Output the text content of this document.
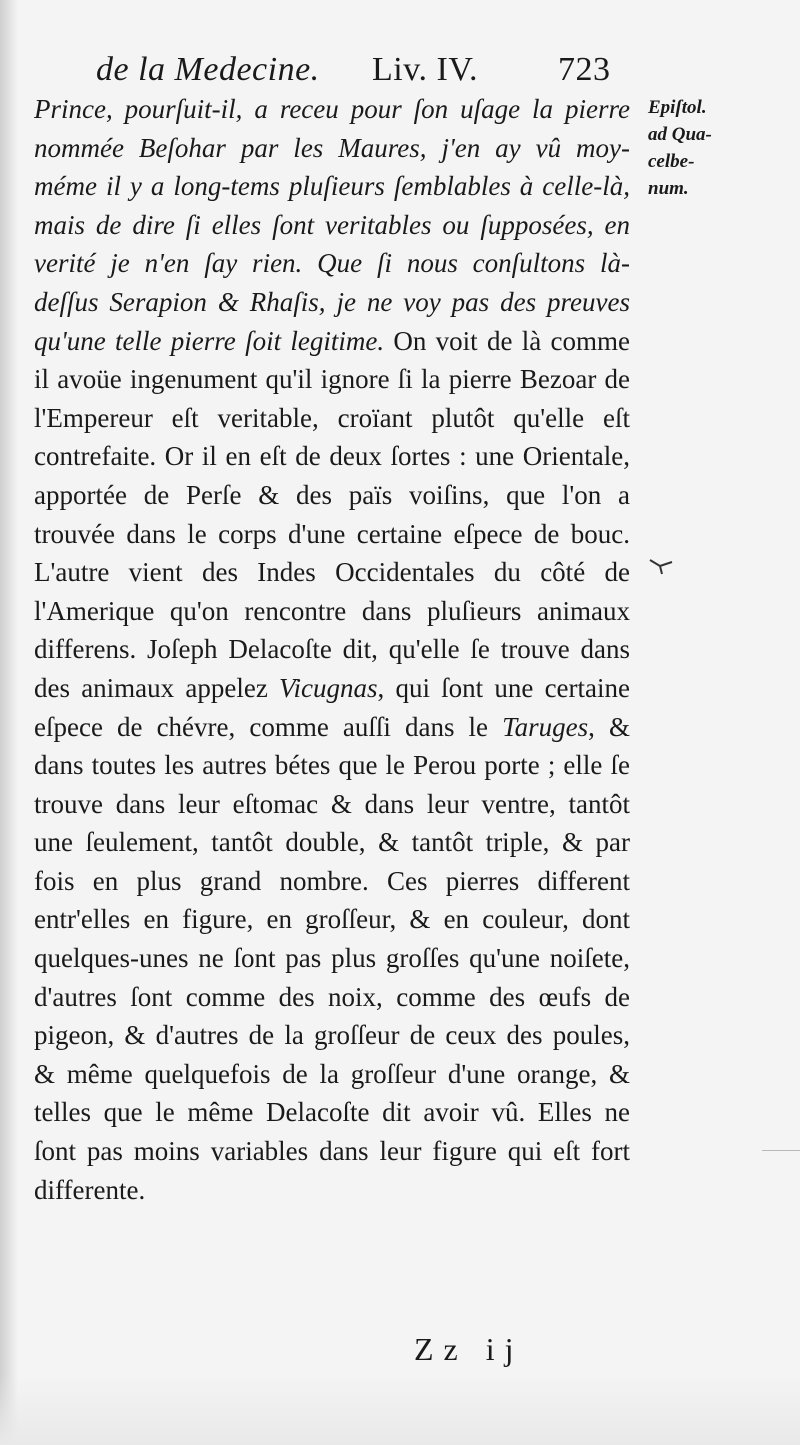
de la Medecine. Liv. IV. 723
Prince, pourſuit-il, a receu pour ſon uſage la pierre nommée Beſohar par les Maures, j'en ay vû moy-méme il y a long-tems pluſieurs ſemblables à celle-là, mais de dire ſi elles ſont veritables ou ſupposées, en verité je n'en ſay rien. Que ſi nous conſultons là-deſſus Serapion & Rhaſis, je ne voy pas des preuves qu'une telle pierre ſoit legitime. On voit de là comme il avoüe ingenument qu'il ignore ſi la pierre Bezoar de l'Empereur eſt veritable, croïant plutôt qu'elle eſt contrefaite. Or il en eſt de deux ſortes : une Orientale, apportée de Perſe & des païs voiſins, que l'on a trouvée dans le corps d'une certaine eſpece de bouc. L'autre vient des Indes Occidentales du côté de l'Amerique qu'on rencontre dans pluſieurs animaux differens. Joſeph Delacoſte dit, qu'elle ſe trouve dans des animaux appelez Vicugnas, qui ſont une certaine eſpece de chévre, comme auſſi dans le Taruges, & dans toutes les autres bétes que le Perou porte ; elle ſe trouve dans leur eſtomac & dans leur ventre, tantôt une ſeulement, tantôt double, & tantôt triple, & par fois en plus grand nombre. Ces pierres different entr'elles en figure, en groſſeur, & en couleur, dont quelques-unes ne ſont pas plus groſſes qu'une noiſete, d'autres ſont comme des noix, comme des œufs de pigeon, & d'autres de la groſſeur de ceux des poules, & même quelquefois de la groſſeur d'une orange, & telles que le même Delacoſte dit avoir vû. Elles ne ſont pas moins variables dans leur figure qui eſt fort differente.
Epiſtol.
ad Qua-
celbe-
num.
Zz ij
